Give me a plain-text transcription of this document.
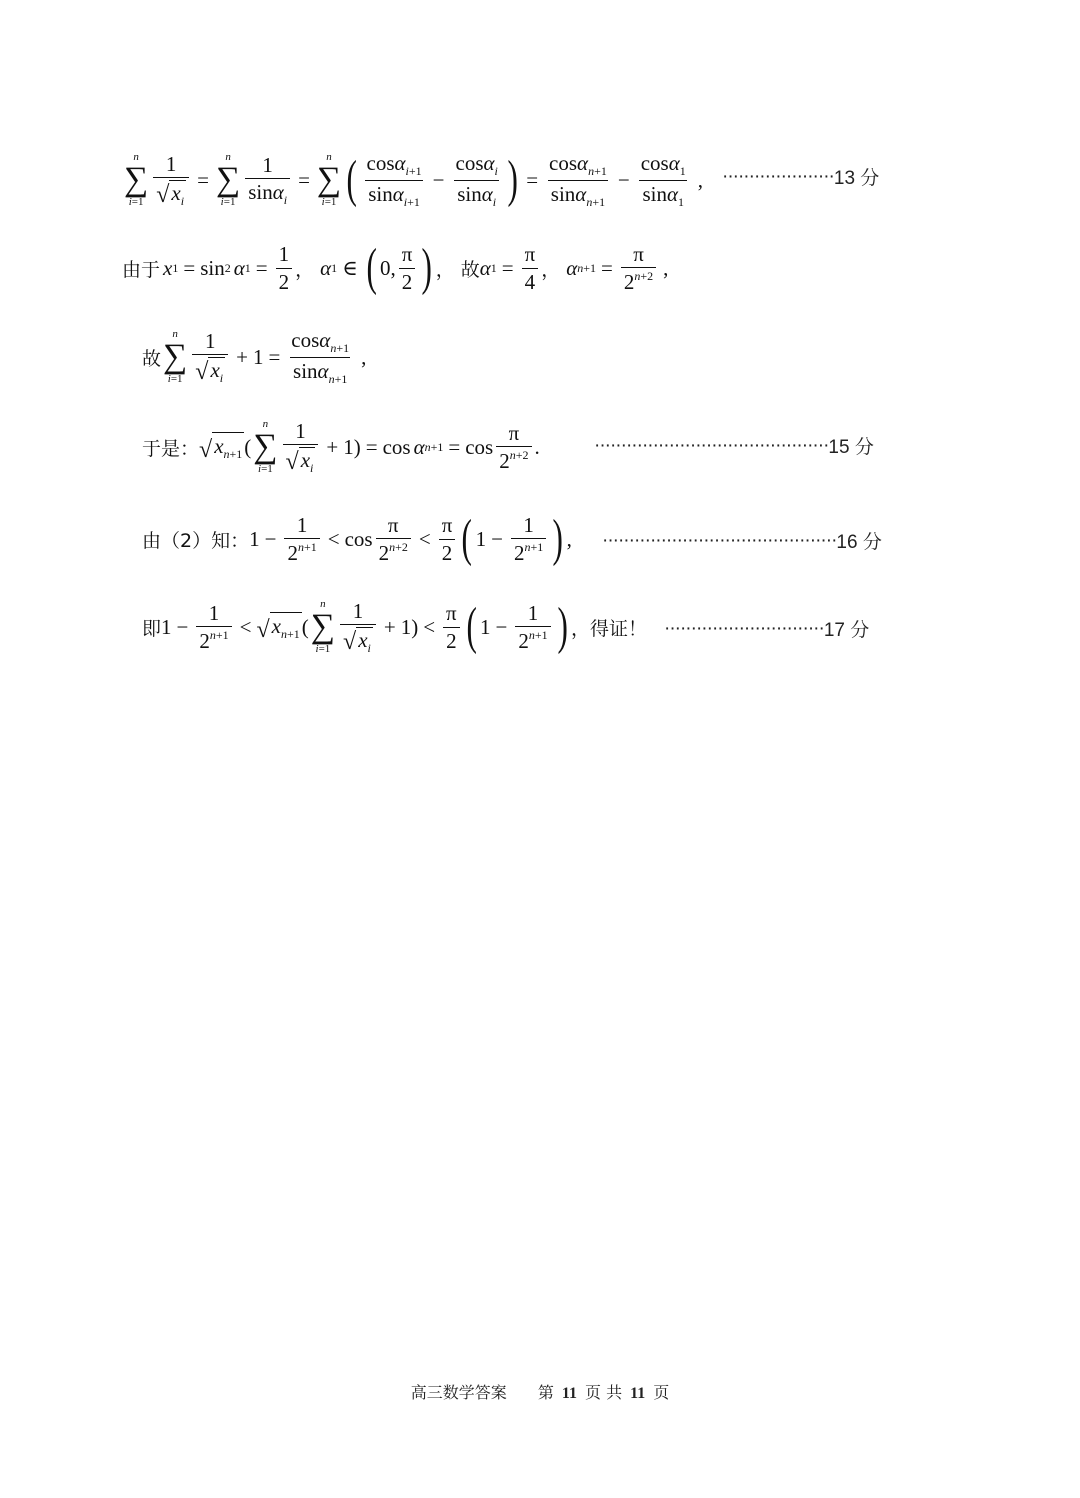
n
∑
$i=1 \frac{1}{√ x_i}$ =
n
∑
$i=1 \frac{1}{\sin\alpha_i}$ =
n
∑
i=1 ( $\frac{\cos\alpha_{i+1}}{\sin\alpha_{i+1}} - \frac{\cos\alpha_i}{\sin\alpha_i}$ ) = $\frac{\cos\alpha_{n+1}}{\sin\alpha_{n+1}} - \frac{\cos\alpha_1}{\sin\alpha_1}$ , ····················· 13 分
由于 x 1 = sin 2 α $1 = \frac{1}{2}$ ， α 1 ∈ ( 0, $\frac{\pi}{2}$ ) ， 故 α $1 = \frac{\pi}{4}$ ， α $n +1 = \frac{\pi}{2^{n+2}}$ ,
故
n
∑
$i=1 \frac{1}{√ x_i} + 1 = \frac{\cos\alpha_{n+1}}{\sin\alpha_{n+1}}$ ,
于是： √ $x_{n+1}$ (
n
∑
$i=1 \frac{1}{√ x_i} + 1) = \cos \alpha$ $n +1 = \cos \frac{\pi}{2^{n+2}}$ .	············································ 15 分
由（2）知： $1 - \frac{1}{2^{n+1}} < \cos \frac{\pi}{2^{n+2}} < \frac{\pi}{2}$ ( $1 - \frac{1}{2^{n+1}}$ ) , ············································ 16 分
即 $1 - \frac{1}{2^{n+1}}$ < √ $x_{n+1}$ (
n
∑
$i=1 \frac{1}{√ x_i} + 1) < \frac{\pi}{2}$ ( $1 - \frac{1}{2^{n+1}}$ ) ，得证！ ······························ 17 分
高三数学答案 第 11 页 共 11 页
